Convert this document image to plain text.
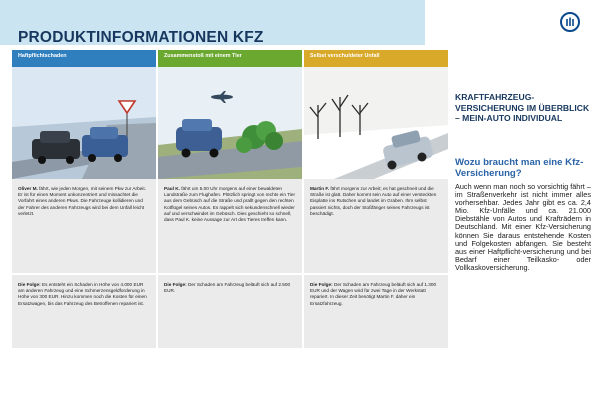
PRODUKTINFORMATIONEN KFZ
Haftpflichtschaden
Oliver M. fährt, wie jeden Morgen, mit seinem Pkw zur Arbeit. Er ist für einen Moment unkonzentriert und missachtet die Vorfahrt eines anderen Pkws. Die Fahrzeuge kollidieren und der Fahrer des anderen Fahrzeugs wird bei dem Unfall leicht verletzt.
Die Folge: Es entsteht ein Schaden in Höhe von 4.000 EUR am anderen Fahrzeug und eine Schmerzensgeldforderung in Höhe von 300 EUR. Hinzu kommen noch die Kosten für einen Ersatzwagen, bis das Fahrzeug des Betroffenen repariert ist.
Zusammenstoß mit einem Tier
Paul K. fährt um 5.00 Uhr morgens auf einer bewaldeten Landstraße zum Flughafen. Plötzlich springt von rechts ein Tier aus dem Gebüsch auf die Straße und prallt gegen den rechten Kotflügel seines Autos. Es rappelt sich sekundenschnell wieder auf und verschwindet im Gebüsch. Dies geschieht so schnell, dass Paul K. keine Aussage zur Art des Tieres treffen kann.
Die Folge: Der Schaden am Fahrzeug beläuft sich auf 2.500 EUR.
Selbst verschuldeter Unfall
Martin F. fährt morgens zur Arbeit; es hat geschneit und die Straße ist glatt. Daher kommt sein Auto auf einer versteckten Eisplatte ins Rutschen und landet im Graben. Ihm selbst passiert nichts, doch der Stoßfänger seines Fahrzeugs ist beschädigt.
Die Folge: Der Schaden am Fahrzeug beläuft sich auf 1.300 EUR und der Wagen wird für zwei Tage in der Werkstatt repariert. In dieser Zeit benötigt Martin F. daher ein Ersatzfahrzeug.
KRAFTFAHRZEUG-VERSICHERUNG IM ÜBERBLICK – MEIN-AUTO INDIVIDUAL
Wozu braucht man eine Kfz-Versicherung?

Auch wenn man noch so vorsichtig fährt – im Straßenverkehr ist nicht immer alles vorhersehbar. Jedes Jahr gibt es ca. 2,4 Mio. Kfz-Unfälle und ca. 21.000 Diebstähle von Autos und Krafträdern in Deutschland. Mit einer Kfz-Versicherung können Sie daraus entstehende Kosten und Folgekosten abfangen. Sie besteht aus einer Haftpflicht-versicherung und bei Bedarf einer Teilkasko- oder Vollkaskoversicherung.
